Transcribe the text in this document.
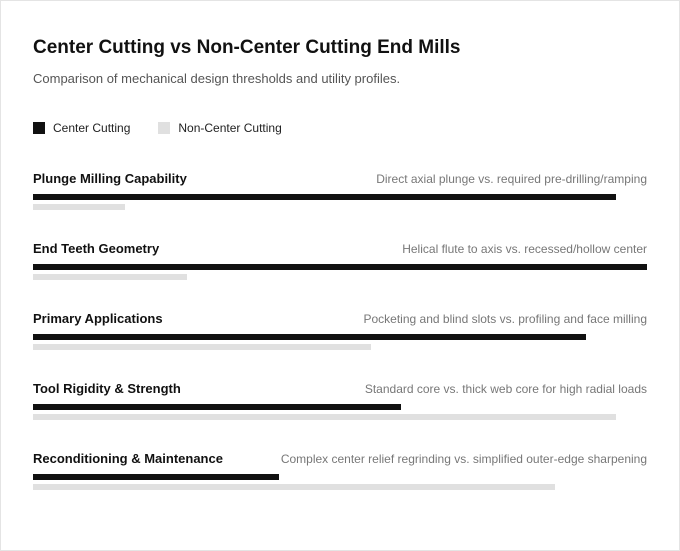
Center Cutting vs Non-Center Cutting End Mills
Comparison of mechanical design thresholds and utility profiles.
Center Cutting	Non-Center Cutting
Plunge Milling Capability	Direct axial plunge vs. required pre-drilling/ramping
End Teeth Geometry	Helical flute to axis vs. recessed/hollow center
Primary Applications	Pocketing and blind slots vs. profiling and face milling
Tool Rigidity & Strength	Standard core vs. thick web core for high radial loads
Reconditioning & Maintenance	Complex center relief regrinding vs. simplified outer-edge sharpening
